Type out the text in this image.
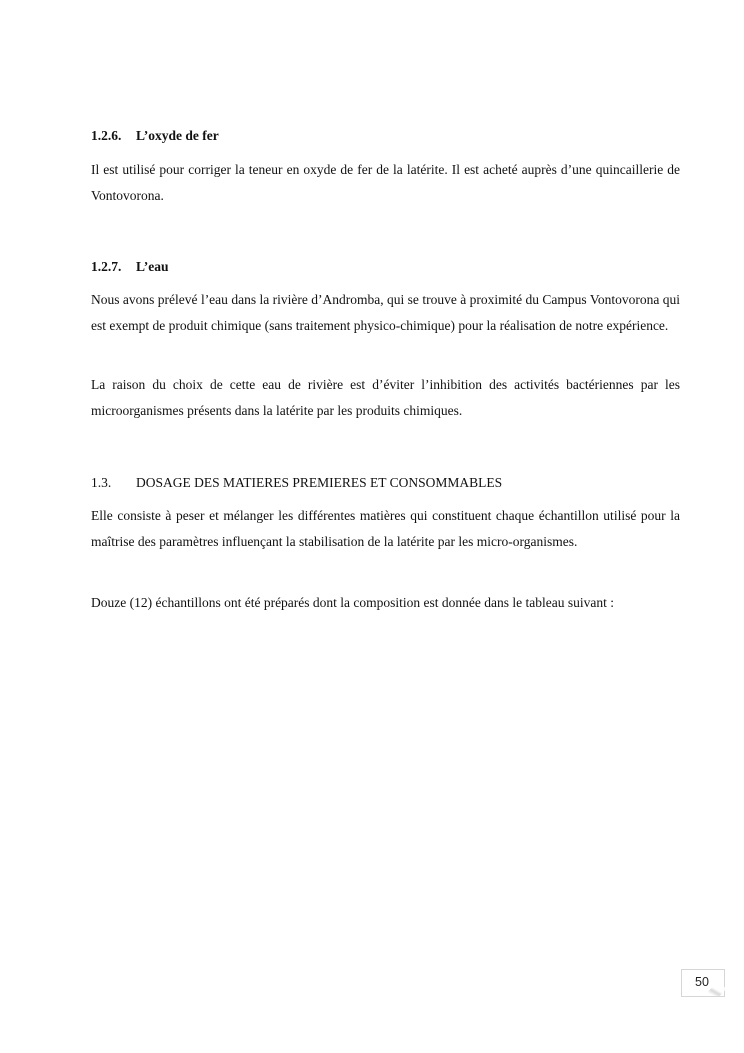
1.2.6. L’oxyde de fer

Il est utilisé pour corriger la teneur en oxyde de fer de la latérite. Il est acheté auprès d’une quincaillerie de Vontovorona.

1.2.7. L’eau

Nous avons prélevé l’eau dans la rivière d’Andromba, qui se trouve à proximité du Campus Vontovorona qui est exempt de produit chimique (sans traitement physico-chimique) pour la réalisation de notre expérience.

La raison du choix de cette eau de rivière est d’éviter l’inhibition des activités bactériennes par les microorganismes présents dans la latérite par les produits chimiques.

1.3. DOSAGE DES MATIERES PREMIERES ET CONSOMMABLES

Elle consiste à peser et mélanger les différentes matières qui constituent chaque échantillon utilisé pour la maîtrise des paramètres influençant la stabilisation de la latérite par les micro-organismes.

Douze (12) échantillons ont été préparés dont la composition est donnée dans le tableau suivant :

50
